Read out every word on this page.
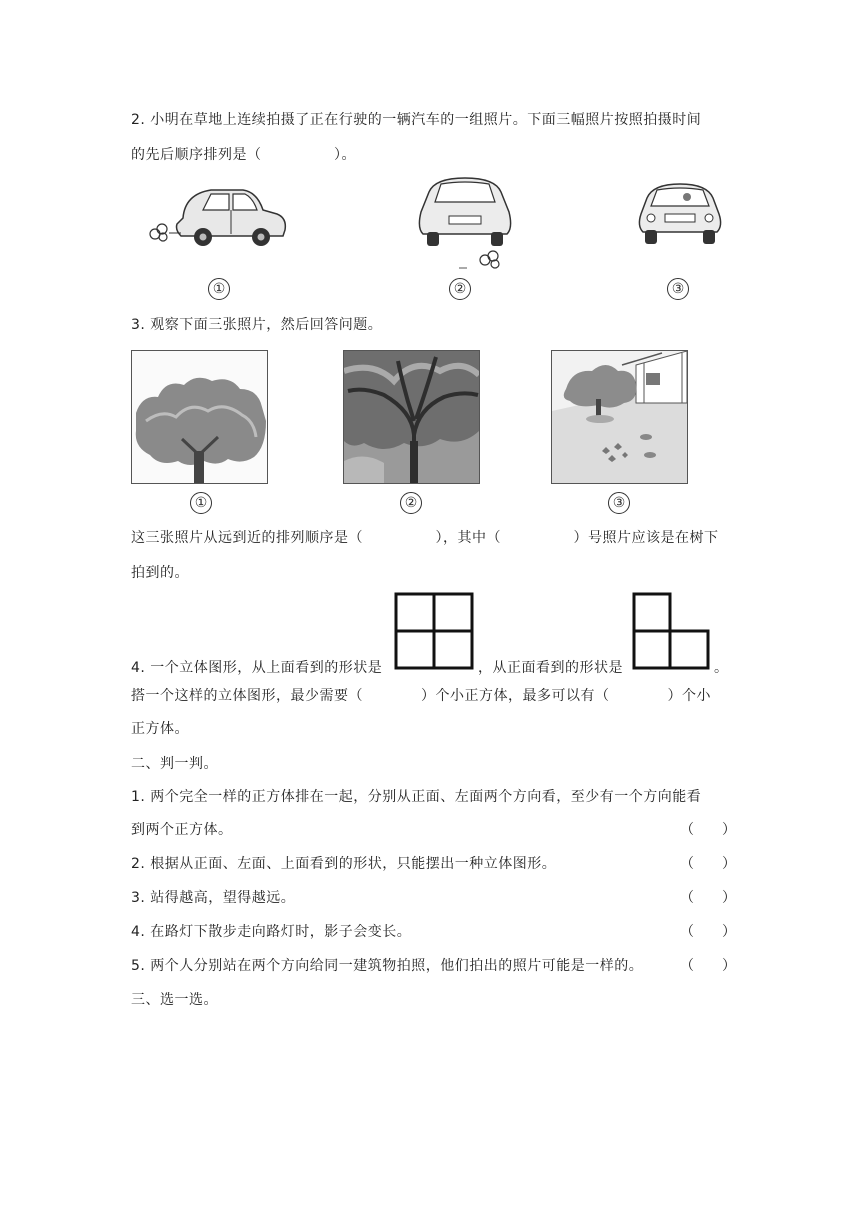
2. 小明在草地上连续拍摄了正在行驶的一辆汽车的一组照片。下面三幅照片按照拍摄时间
的先后顺序排列是（　　　　　）。
①	②	③
3. 观察下面三张照片，然后回答问题。
①	②	③
这三张照片从远到近的排列顺序是（　　　　　），其中（　　　　　）号照片应该是在树下
拍到的。
4. 一个立体图形，从上面看到的形状是	，从正面看到的形状是	。
搭一个这样的立体图形，最少需要（　　　　）个小正方体，最多可以有（　　　　）个小
正方体。
二、判一判。
1. 两个完全一样的正方体排在一起，分别从正面、左面两个方向看，至少有一个方向能看
到两个正方体。	（　　）
2. 根据从正面、左面、上面看到的形状，只能摆出一种立体图形。	（　　）
3. 站得越高，望得越远。	（　　）
4. 在路灯下散步走向路灯时，影子会变长。	（　　）
5. 两个人分别站在两个方向给同一建筑物拍照，他们拍出的照片可能是一样的。	（　　）
三、选一选。
